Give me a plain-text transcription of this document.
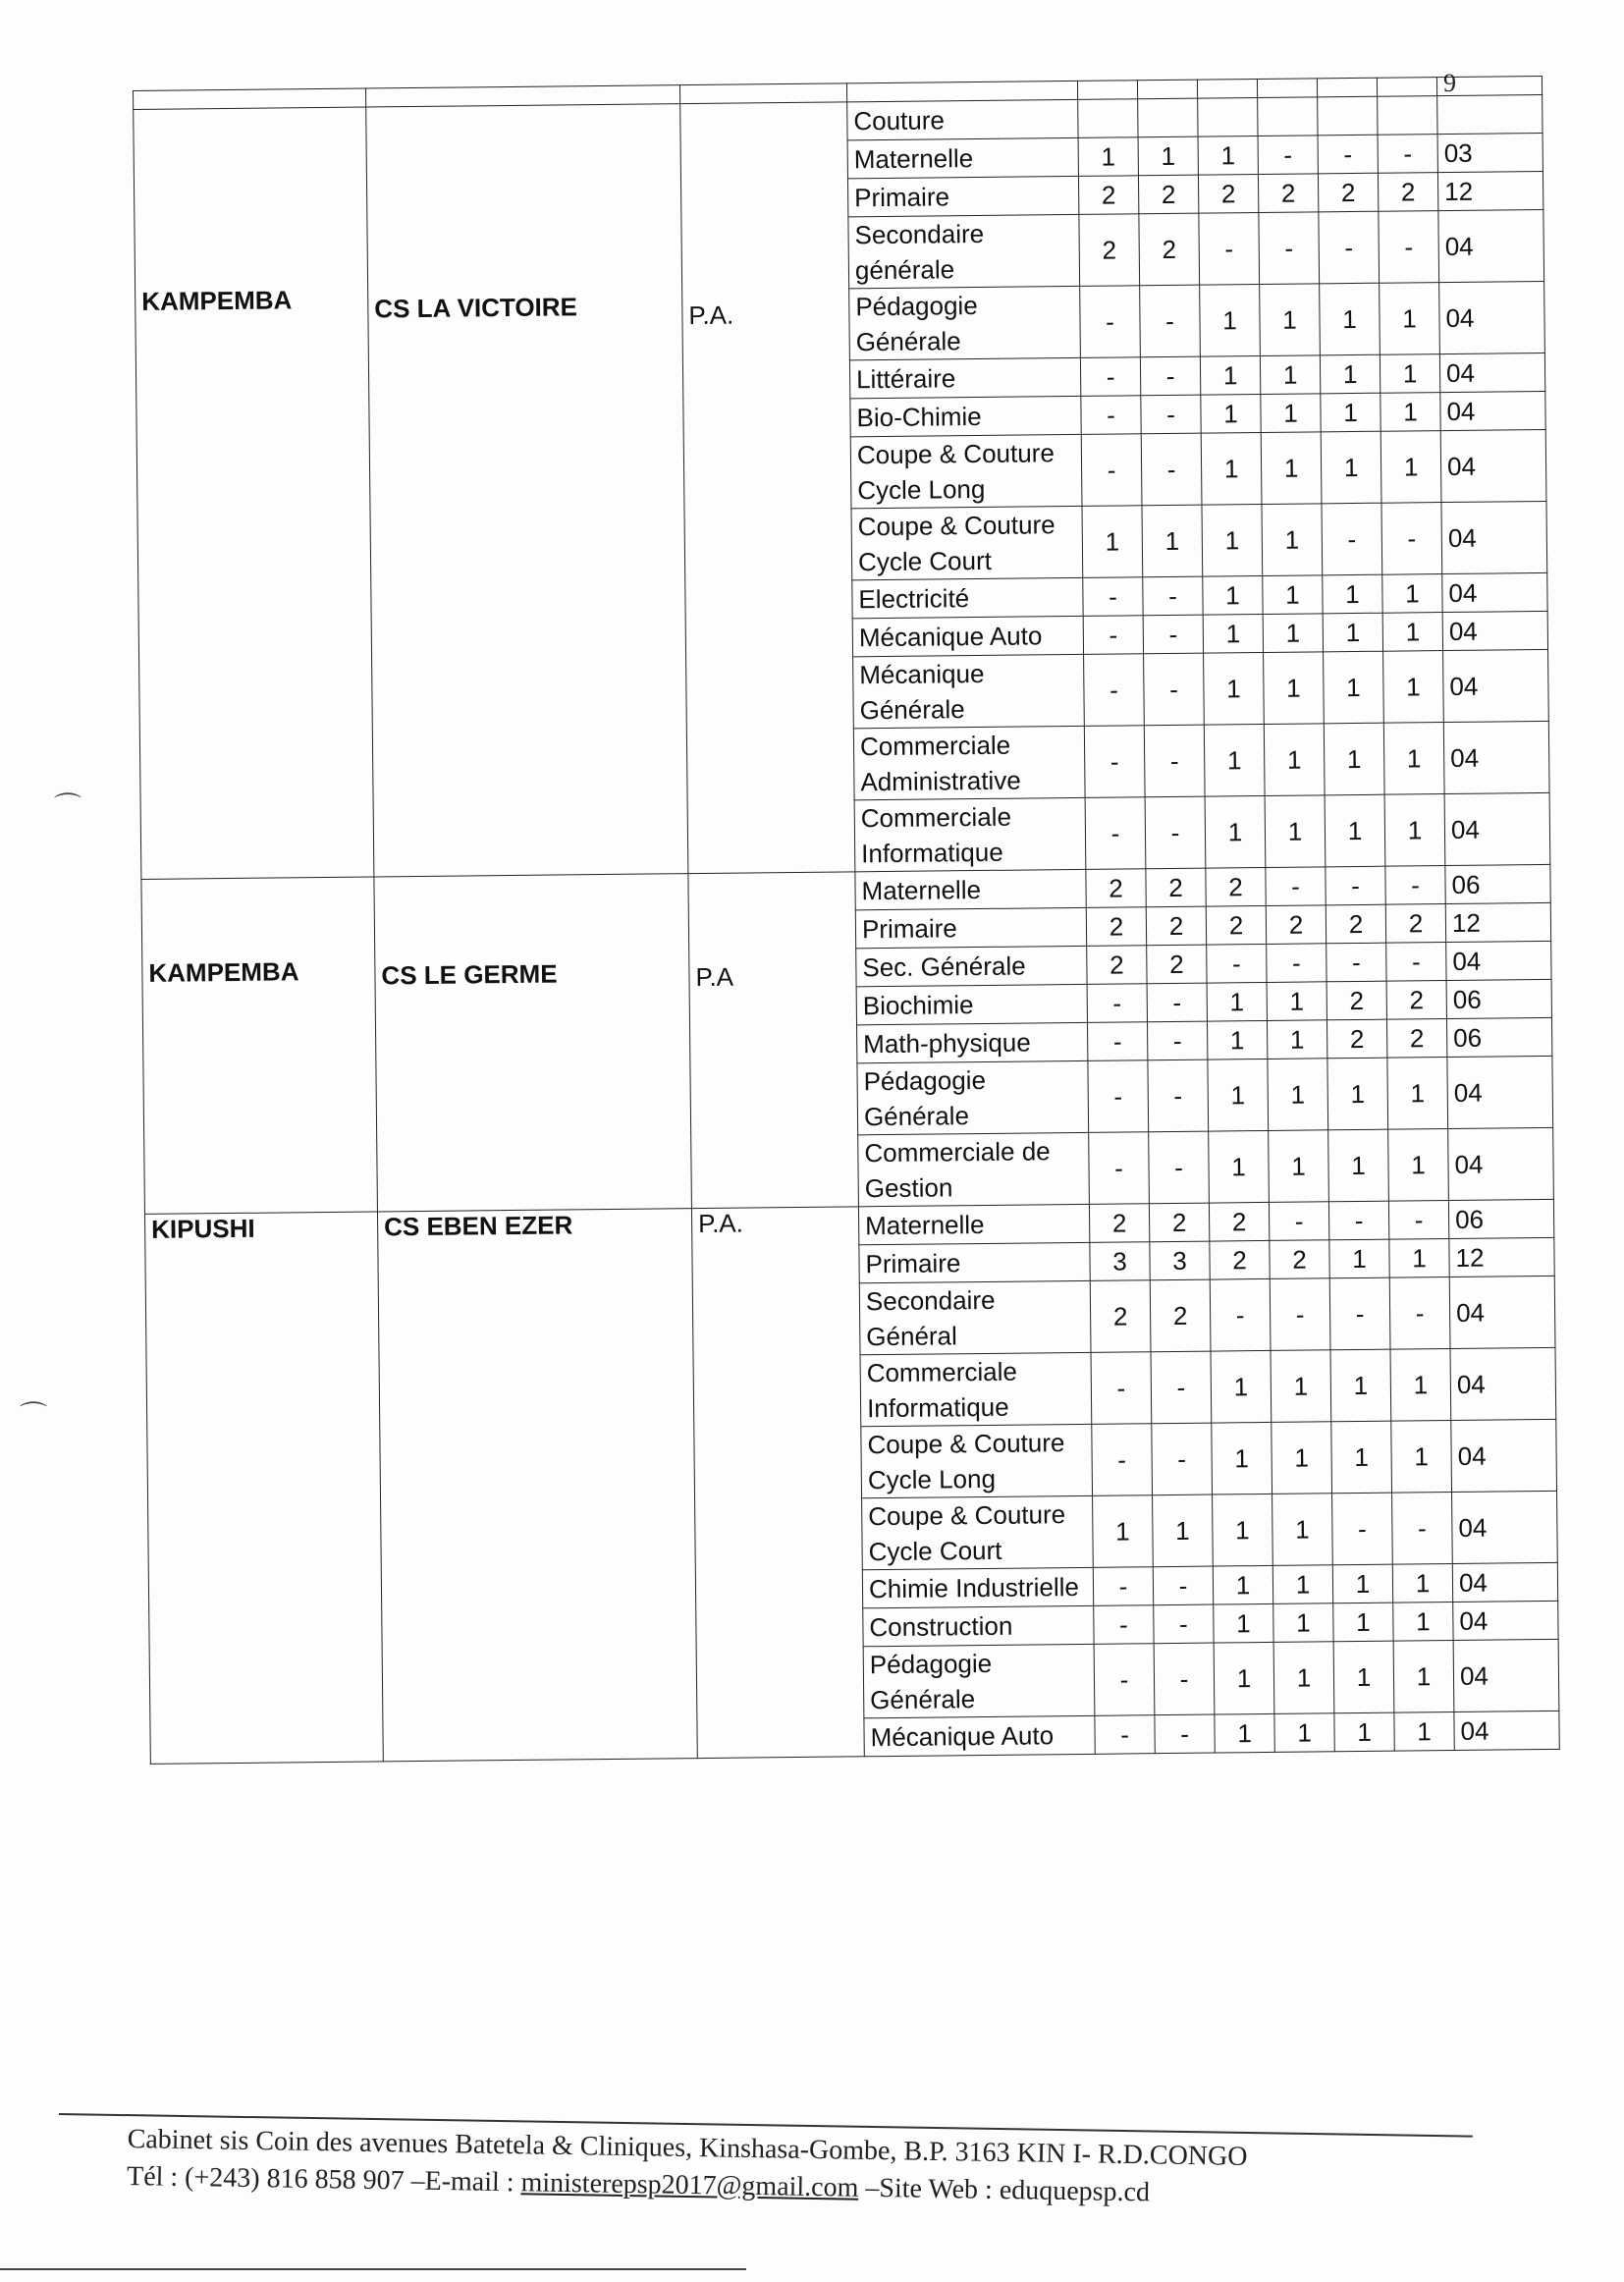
9

KAMPEMBA	CS LA VICTOIRE	P.A.	Couture							
			Maternelle	1	1	1	-	-	-	03
			Primaire	2	2	2	2	2	2	12
			Secondaire générale	2	2	-	-	-	-	04
			Pédagogie Générale	-	-	1	1	1	1	04
			Littéraire	-	-	1	1	1	1	04
			Bio-Chimie	-	-	1	1	1	1	04
			Coupe & Couture Cycle Long	-	-	1	1	1	1	04
			Coupe & Couture Cycle Court	1	1	1	1	-	-	04
			Electricité	-	-	1	1	1	1	04
			Mécanique Auto	-	-	1	1	1	1	04
			Mécanique Générale	-	-	1	1	1	1	04
			Commerciale Administrative	-	-	1	1	1	1	04
			Commerciale Informatique	-	-	1	1	1	1	04

KAMPEMBA	CS LE GERME	P.A	Maternelle	2	2	2	-	-	-	06
			Primaire	2	2	2	2	2	2	12
			Sec. Générale	2	2	-	-	-	-	04
			Biochimie	-	-	1	1	2	2	06
			Math-physique	-	-	1	1	2	2	06
			Pédagogie Générale	-	-	1	1	1	1	04
			Commerciale de Gestion	-	-	1	1	1	1	04

KIPUSHI	CS EBEN EZER	P.A.	Maternelle	2	2	2	-	-	-	06
			Primaire	3	3	2	2	1	1	12
			Secondaire Général	2	2	-	-	-	-	04
			Commerciale Informatique	-	-	1	1	1	1	04
			Coupe & Couture Cycle Long	-	-	1	1	1	1	04
			Coupe & Couture Cycle Court	1	1	1	1	-	-	04
			Chimie Industrielle	-	-	1	1	1	1	04
			Construction	-	-	1	1	1	1	04
			Pédagogie Générale	-	-	1	1	1	1	04
			Mécanique Auto	-	-	1	1	1	1	04
⌒
⌒
Cabinet sis Coin des avenues Batetela & Cliniques, Kinshasa-Gombe, B.P. 3163 KIN I- R.D.CONGO
Tél : (+243) 816 858 907 –E-mail : ministerepsp2017@gmail.com –Site Web : eduquepsp.cd
